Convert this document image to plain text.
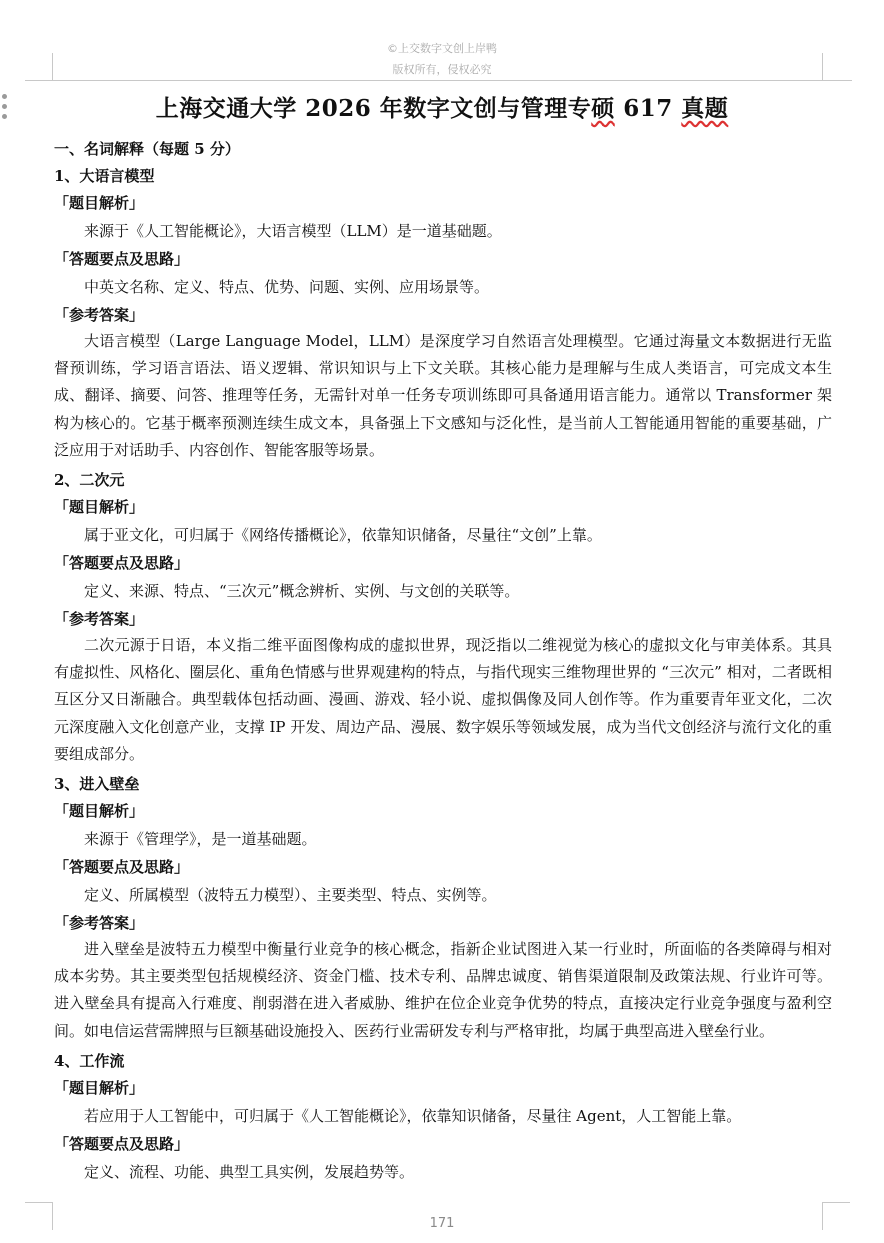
©上交数字文创上岸鸭
版权所有，侵权必究
上海交通大学 2026 年数字文创与管理专硕 617 真题

一、名词解释（每题 5 分）

1、大语言模型

「题目解析」

来源于《人工智能概论》，大语言模型（LLM）是一道基础题。

「答题要点及思路」

中英文名称、定义、特点、优势、问题、实例、应用场景等。

「参考答案」

大语言模型（Large Language Model，LLM）是深度学习自然语言处理模型。它通过海量文本数据进行无监督预训练，学习语言语法、语义逻辑、常识知识与上下文关联。其核心能力是理解与生成人类语言，可完成文本生成、翻译、摘要、问答、推理等任务，无需针对单一任务专项训练即可具备通用语言能力。通常以 Transformer 架构为核心的。它基于概率预测连续生成文本，具备强上下文感知与泛化性，是当前人工智能通用智能的重要基础，广泛应用于对话助手、内容创作、智能客服等场景。

2、二次元

「题目解析」

属于亚文化，可归属于《网络传播概论》，依靠知识储备，尽量往“文创”上靠。

「答题要点及思路」

定义、来源、特点、“三次元”概念辨析、实例、与文创的关联等。

「参考答案」

二次元源于日语，本义指二维平面图像构成的虚拟世界，现泛指以二维视觉为核心的虚拟文化与审美体系。其具有虚拟性、风格化、圈层化、重角色情感与世界观建构的特点，与指代现实三维物理世界的 “三次元” 相对，二者既相互区分又日渐融合。典型载体包括动画、漫画、游戏、轻小说、虚拟偶像及同人创作等。作为重要青年亚文化，二次元深度融入文化创意产业，支撑 IP 开发、周边产品、漫展、数字娱乐等领域发展，成为当代文创经济与流行文化的重要组成部分。

3、进入壁垒

「题目解析」

来源于《管理学》，是一道基础题。

「答题要点及思路」

定义、所属模型（波特五力模型）、主要类型、特点、实例等。

「参考答案」

进入壁垒是波特五力模型中衡量行业竞争的核心概念，指新企业试图进入某一行业时，所面临的各类障碍与相对成本劣势。其主要类型包括规模经济、资金门槛、技术专利、品牌忠诚度、销售渠道限制及政策法规、行业许可等。进入壁垒具有提高入行难度、削弱潜在进入者威胁、维护在位企业竞争优势的特点，直接决定行业竞争强度与盈利空间。如电信运营需牌照与巨额基础设施投入、医药行业需研发专利与严格审批，均属于典型高进入壁垒行业。

4、工作流

「题目解析」

若应用于人工智能中，可归属于《人工智能概论》，依靠知识储备，尽量往 Agent，人工智能上靠。

「答题要点及思路」

定义、流程、功能、典型工具实例，发展趋势等。

171
